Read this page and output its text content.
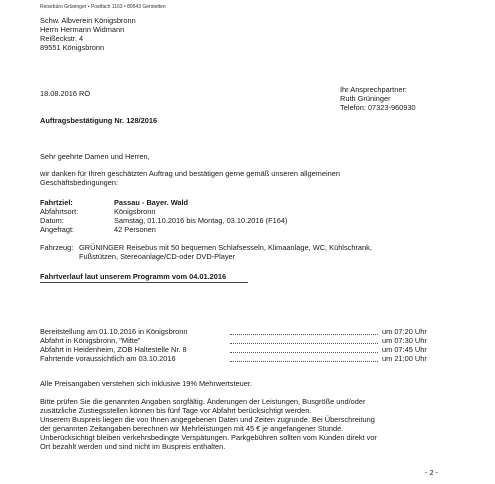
Reisebüro Grüninger • Postfach 1163 • 89543 Gerstetten
Schw. Albverein Königsbronn
Herrn Hermann Widmann
Reißeckstr. 4
89551 Königsbronn
18.08.2016 RO	Ihr Ansprechpartner:
Ruth Grüninger
Telefon: 07323-960930
Auftragsbestätigung Nr. 128/2016
Sehr geehrte Damen und Herren,
wir danken für Ihren geschätzten Auftrag und bestätigen gerne gemäß unseren allgemeinen Geschäftsbedingungen:
Fahrtziel:	Passau - Bayer. Wald
Abfahrtsort:	Königsbronn
Datum:	Samstag, 01.10.2016 bis Montag, 03.10.2016 (F164)
Angefragt:	42 Personen
Fahrzeug: GRÜNINGER Reisebus mit 50 bequemen Schlafsesseln, Klimaanlage, WC, Kühlschrank,
Fußstützen, Stereoanlage/CD-oder DVD-Player
Fahrtverlauf laut unserem Programm vom 04.01.2016
Bereitstellung am 01.10.2016 in Königsbronn	um 07:20 Uhr
Abfahrt in Königsbronn, "Mitte"	um 07:30 Uhr
Abfahrt in Heidenheim, ZOB Haltestelle Nr. 8	um 07:45 Uhr
Fahrtende voraussichtlich am 03.10.2016	um 21:00 Uhr
Alle Preisangaben verstehen sich inklusive 19% Mehrwertsteuer.
Bitte prüfen Sie die genannten Angaben sorgfältig. Änderungen der Leistungen, Busgröße und/oder
zusätzliche Zustiegsstellen können bis fünf Tage vor Abfahrt berücksichtigt werden.
Unserem Buspreis liegen die von Ihnen angegebenen Daten und Zeiten zugrunde. Bei Überschreitung
der genannten Zeitangaben berechnen wir Mehrleistungen mit 45 € je angefangener Stunde.
Unberücksichtigt bleiben verkehrsbedingte Verspätungen. Parkgebühren sollten vom Kunden direkt vor
Ort bezahlt werden und sind nicht im Buspreis enthalten.
- 2 -
